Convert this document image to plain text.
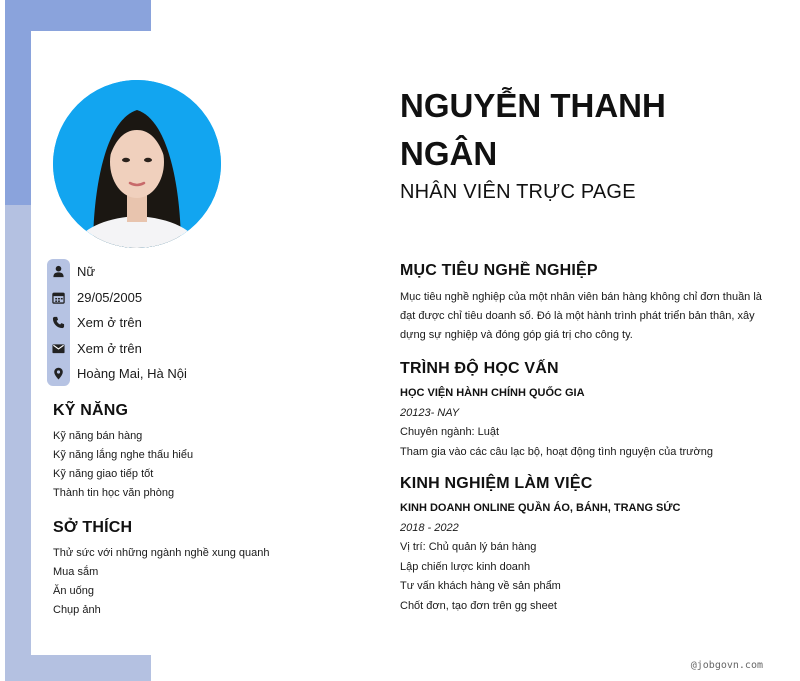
Nữ
29/05/2005
Xem ở trên
Xem ở trên
Hoàng Mai, Hà Nội
KỸ NĂNG
Kỹ năng bán hàng
Kỹ năng lắng nghe thấu hiểu
Kỹ năng giao tiếp tốt
Thành tin học văn phòng
SỞ THÍCH
Thử sức với những ngành nghề xung quanh
Mua sắm
Ăn uống
Chụp ảnh
NGUYỄN THANH NGÂN
NHÂN VIÊN TRỰC PAGE
MỤC TIÊU NGHỀ NGHIỆP
Mục tiêu nghề nghiệp của một nhân viên bán hàng không chỉ đơn thuần là đạt được chỉ tiêu doanh số. Đó là một hành trình phát triển bản thân, xây dựng sự nghiệp và đóng góp giá trị cho công ty.
TRÌNH ĐỘ HỌC VẤN
HỌC VIỆN HÀNH CHÍNH QUỐC GIA
20123- NAY
Chuyên ngành: Luật
Tham gia vào các câu lạc bộ, hoạt động tình nguyện của trường
KINH NGHIỆM LÀM VIỆC
KINH DOANH ONLINE QUẦN ÁO, BÁNH, TRANG SỨC
2018 - 2022
Vị trí: Chủ quản lý bán hàng
Lập chiến lược kinh doanh
Tư vấn khách hàng về sản phẩm
Chốt đơn, tạo đơn trên gg sheet
@jobgovn.com
